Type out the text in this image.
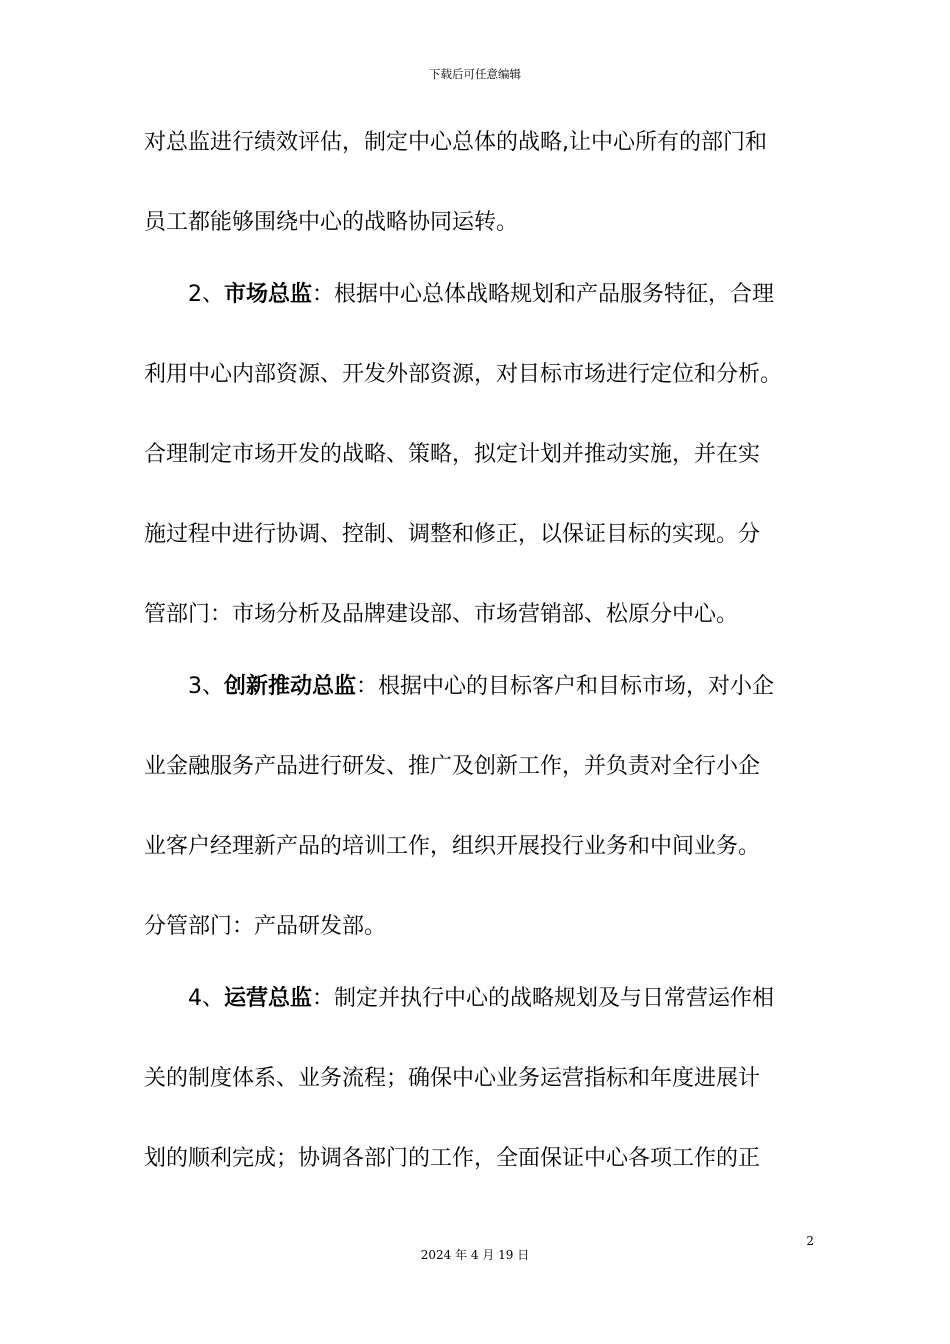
下载后可任意编辑
对总监进行绩效评估，制定中心总体的战略,让中心所有的部门和
员工都能够围绕中心的战略协同运转。
2、市场总监：根据中心总体战略规划和产品服务特征，合理
利用中心内部资源、开发外部资源，对目标市场进行定位和分析。
合理制定市场开发的战略、策略，拟定计划并推动实施，并在实
施过程中进行协调、控制、调整和修正，以保证目标的实现。分
管部门：市场分析及品牌建设部、市场营销部、松原分中心。
3、创新推动总监：根据中心的目标客户和目标市场，对小企
业金融服务产品进行研发、推广及创新工作，并负责对全行小企
业客户经理新产品的培训工作，组织开展投行业务和中间业务。
分管部门：产品研发部。
4、运营总监：制定并执行中心的战略规划及与日常营运作相
关的制度体系、业务流程；确保中心业务运营指标和年度进展计
划的顺利完成；协调各部门的工作，全面保证中心各项工作的正
2
2024 年 4 月 19 日
